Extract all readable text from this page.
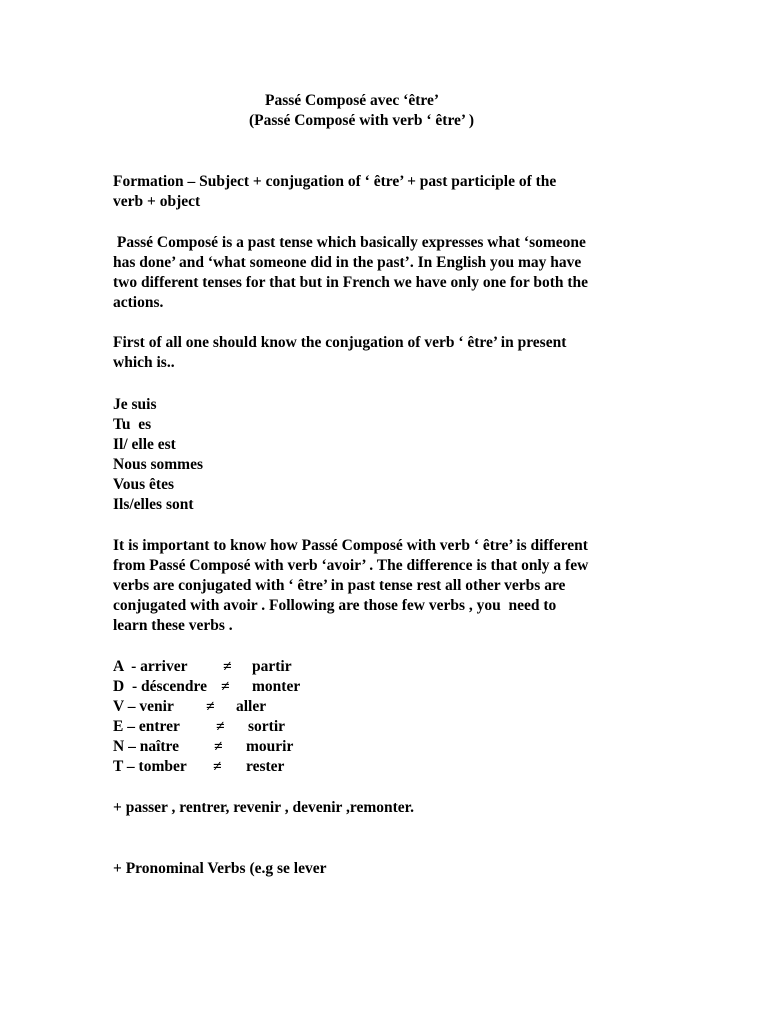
Passé Composé avec ‘être’
(Passé Composé with verb ‘ être’ )
Formation – Subject + conjugation of ‘ être’ + past participle of the
verb + object
Passé Composé is a past tense which basically expresses what ‘someone
has done’ and ‘what someone did in the past’. In English you may have
two different tenses for that but in French we have only one for both the
actions.
First of all one should know the conjugation of verb ‘ être’ in present
which is..
Je suis
Tu  es
Il/ elle est
Nous sommes
Vous êtes
Ils/elles sont
It is important to know how Passé Composé with verb ‘ être’ is different
from Passé Composé with verb ‘avoir’ . The difference is that only a few
verbs are conjugated with ‘ être’ in past tense rest all other verbs are
conjugated with avoir . Following are those few verbs , you  need to
learn these verbs .

A  - arriver

≠

partir

D  - déscendre

≠

monter

V – venir

≠

aller

E – entrer

≠

sortir

N – naître

≠

mourir

T – tomber

≠

rester

+ passer , rentrer, revenir , devenir ,remonter.
+ Pronominal Verbs (e.g se lever
